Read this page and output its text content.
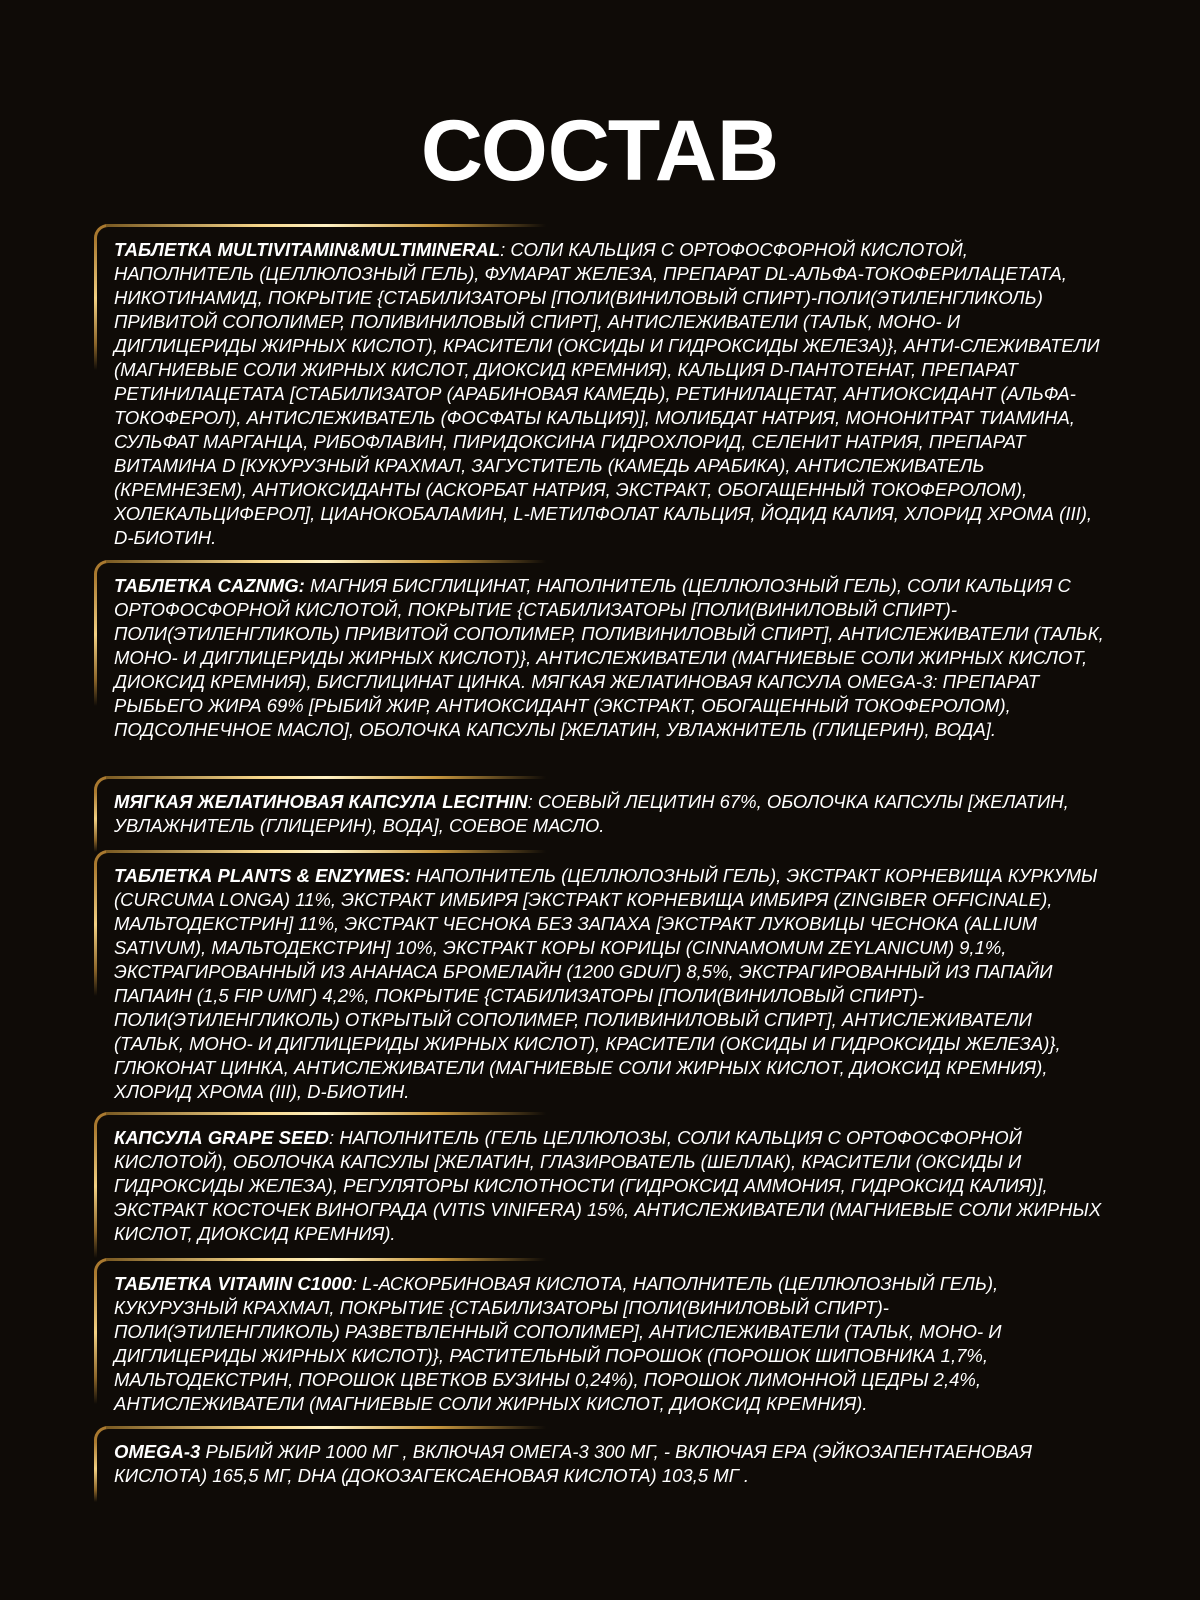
СОСТАВ

ТАБЛЕТКА MULTIVITAMIN&MULTIMINERAL: СОЛИ КАЛЬЦИЯ С ОРТОФОСФОРНОЙ КИСЛОТОЙ, НАПОЛНИТЕЛЬ (ЦЕЛЛЮЛОЗНЫЙ ГЕЛЬ), ФУМАРАТ ЖЕЛЕЗА, ПРЕПАРАТ DL-АЛЬФА-ТОКОФЕРИЛАЦЕТАТА, НИКОТИНАМИД, ПОКРЫТИЕ {СТАБИЛИЗАТОРЫ [ПОЛИ(ВИНИЛОВЫЙ СПИРТ)-ПОЛИ(ЭТИЛЕНГЛИКОЛЬ) ПРИВИТОЙ СОПОЛИМЕР, ПОЛИВИНИЛОВЫЙ СПИРТ], АНТИСЛЕЖИВАТЕЛИ (ТАЛЬК, МОНО- И ДИГЛИЦЕРИДЫ ЖИРНЫХ КИСЛОТ), КРАСИТЕЛИ (ОКСИДЫ И ГИДРОКСИДЫ ЖЕЛЕЗА)}, АНТИ-СЛЕЖИВАТЕЛИ (МАГНИЕВЫЕ СОЛИ ЖИРНЫХ КИСЛОТ, ДИОКСИД КРЕМНИЯ), КАЛЬЦИЯ D-ПАНТОТЕНАТ, ПРЕПАРАТ РЕТИНИЛАЦЕТАТА [СТАБИЛИЗАТОР (АРАБИНОВАЯ КАМЕДЬ), РЕТИНИЛАЦЕТАТ, АНТИОКСИДАНТ (АЛЬФА-ТОКОФЕРОЛ), АНТИСЛЕЖИВАТЕЛЬ (ФОСФАТЫ КАЛЬЦИЯ)], МОЛИБДАТ НАТРИЯ, МОНОНИТРАТ ТИАМИНА, СУЛЬФАТ МАРГАНЦА, РИБОФЛАВИН, ПИРИДОКСИНА ГИДРОХЛОРИД, СЕЛЕНИТ НАТРИЯ, ПРЕПАРАТ ВИТАМИНА D [КУКУРУЗНЫЙ КРАХМАЛ, ЗАГУСТИТЕЛЬ (КАМЕДЬ АРАБИКА), АНТИСЛЕЖИВАТЕЛЬ (КРЕМНЕЗЕМ), АНТИОКСИДАНТЫ (АСКОРБАТ НАТРИЯ, ЭКСТРАКТ, ОБОГАЩЕННЫЙ ТОКОФЕРОЛОМ), ХОЛЕКАЛЬЦИФЕРОЛ], ЦИАНОКОБАЛАМИН, L-МЕТИЛФОЛАТ КАЛЬЦИЯ, ЙОДИД КАЛИЯ, ХЛОРИД ХРОМА (III), D-БИОТИН.

ТАБЛЕТКА CAZNMG: МАГНИЯ БИСГЛИЦИНАТ, НАПОЛНИТЕЛЬ (ЦЕЛЛЮЛОЗНЫЙ ГЕЛЬ), СОЛИ КАЛЬЦИЯ С ОРТОФОСФОРНОЙ КИСЛОТОЙ, ПОКРЫТИЕ {СТАБИЛИЗАТОРЫ [ПОЛИ(ВИНИЛОВЫЙ СПИРТ)-ПОЛИ(ЭТИЛЕНГЛИКОЛЬ) ПРИВИТОЙ СОПОЛИМЕР, ПОЛИВИНИЛОВЫЙ СПИРТ], АНТИСЛЕЖИВАТЕЛИ (ТАЛЬК, МОНО- И ДИГЛИЦЕРИДЫ ЖИРНЫХ КИСЛОТ)}, АНТИСЛЕЖИВАТЕЛИ (МАГНИЕВЫЕ СОЛИ ЖИРНЫХ КИСЛОТ, ДИОКСИД КРЕМНИЯ), БИСГЛИЦИНАТ ЦИНКА. МЯГКАЯ ЖЕЛАТИНОВАЯ КАПСУЛА OMEGA-3: ПРЕПАРАТ РЫБЬЕГО ЖИРА 69% [РЫБИЙ ЖИР, АНТИОКСИДАНТ (ЭКСТРАКТ, ОБОГАЩЕННЫЙ ТОКОФЕРОЛОМ), ПОДСОЛНЕЧНОЕ МАСЛО], ОБОЛОЧКА КАПСУЛЫ [ЖЕЛАТИН, УВЛАЖНИТЕЛЬ (ГЛИЦЕРИН), ВОДА].

МЯГКАЯ ЖЕЛАТИНОВАЯ КАПСУЛА LECITHIN: СОЕВЫЙ ЛЕЦИТИН 67%, ОБОЛОЧКА КАПСУЛЫ [ЖЕЛАТИН, УВЛАЖНИТЕЛЬ (ГЛИЦЕРИН), ВОДА], СОЕВОЕ МАСЛО.

ТАБЛЕТКА PLANTS & ENZYMES: НАПОЛНИТЕЛЬ (ЦЕЛЛЮЛОЗНЫЙ ГЕЛЬ), ЭКСТРАКТ КОРНЕВИЩА КУРКУМЫ (CURCUMA LONGA) 11%, ЭКСТРАКТ ИМБИРЯ [ЭКСТРАКТ КОРНЕВИЩА ИМБИРЯ (ZINGIBER OFFICINALE), МАЛЬТОДЕКСТРИН] 11%, ЭКСТРАКТ ЧЕСНОКА БЕЗ ЗАПАХА [ЭКСТРАКТ ЛУКОВИЦЫ ЧЕСНОКА (ALLIUM SATIVUM), МАЛЬТОДЕКСТРИН] 10%, ЭКСТРАКТ КОРЫ КОРИЦЫ (CINNAMOMUM ZEYLANICUM) 9,1%, ЭКСТРАГИРОВАННЫЙ ИЗ АНАНАСА БРОМЕЛАЙН (1200 GDU/Г) 8,5%, ЭКСТРАГИРОВАННЫЙ ИЗ ПАПАЙИ ПАПАИН (1,5 FIP U/МГ) 4,2%, ПОКРЫТИЕ {СТАБИЛИЗАТОРЫ [ПОЛИ(ВИНИЛОВЫЙ СПИРТ)-ПОЛИ(ЭТИЛЕНГЛИКОЛЬ) ОТКРЫТЫЙ СОПОЛИМЕР, ПОЛИВИНИЛОВЫЙ СПИРТ], АНТИСЛЕЖИВАТЕЛИ (ТАЛЬК, МОНО- И ДИГЛИЦЕРИДЫ ЖИРНЫХ КИСЛОТ), КРАСИТЕЛИ (ОКСИДЫ И ГИДРОКСИДЫ ЖЕЛЕЗА)}, ГЛЮКОНАТ ЦИНКА, АНТИСЛЕЖИВАТЕЛИ (МАГНИЕВЫЕ СОЛИ ЖИРНЫХ КИСЛОТ, ДИОКСИД КРЕМНИЯ), ХЛОРИД ХРОМА (III), D-БИОТИН.

КАПСУЛА GRAPE SEED: НАПОЛНИТЕЛЬ (ГЕЛЬ ЦЕЛЛЮЛОЗЫ, СОЛИ КАЛЬЦИЯ С ОРТОФОСФОРНОЙ КИСЛОТОЙ), ОБОЛОЧКА КАПСУЛЫ [ЖЕЛАТИН, ГЛАЗИРОВАТЕЛЬ (ШЕЛЛАК), КРАСИТЕЛИ (ОКСИДЫ И ГИДРОКСИДЫ ЖЕЛЕЗА), РЕГУЛЯТОРЫ КИСЛОТНОСТИ (ГИДРОКСИД АММОНИЯ, ГИДРОКСИД КАЛИЯ)], ЭКСТРАКТ КОСТОЧЕК ВИНОГРАДА (VITIS VINIFERA) 15%, АНТИСЛЕЖИВАТЕЛИ (МАГНИЕВЫЕ СОЛИ ЖИРНЫХ КИСЛОТ, ДИОКСИД КРЕМНИЯ).

ТАБЛЕТКА VITAMIN C1000: L-АСКОРБИНОВАЯ КИСЛОТА, НАПОЛНИТЕЛЬ (ЦЕЛЛЮЛОЗНЫЙ ГЕЛЬ), КУКУРУЗНЫЙ КРАХМАЛ, ПОКРЫТИЕ {СТАБИЛИЗАТОРЫ [ПОЛИ(ВИНИЛОВЫЙ СПИРТ)-ПОЛИ(ЭТИЛЕНГЛИКОЛЬ) РАЗВЕТВЛЕННЫЙ СОПОЛИМЕР], АНТИСЛЕЖИВАТЕЛИ (ТАЛЬК, МОНО- И ДИГЛИЦЕРИДЫ ЖИРНЫХ КИСЛОТ)}, РАСТИТЕЛЬНЫЙ ПОРОШОК (ПОРОШОК ШИПОВНИКА 1,7%, МАЛЬТОДЕКСТРИН, ПОРОШОК ЦВЕТКОВ БУЗИНЫ 0,24%), ПОРОШОК ЛИМОННОЙ ЦЕДРЫ 2,4%, АНТИСЛЕЖИВАТЕЛИ (МАГНИЕВЫЕ СОЛИ ЖИРНЫХ КИСЛОТ, ДИОКСИД КРЕМНИЯ).

OMEGA-3 РЫБИЙ ЖИР 1000 МГ , ВКЛЮЧАЯ ОМЕГА-3 300 МГ, - ВКЛЮЧАЯ ЕРА (ЭЙКОЗАПЕНТАЕНОВАЯ КИСЛОТА) 165,5 МГ, DHA (ДОКОЗАГЕКСАЕНОВАЯ КИСЛОТА) 103,5 МГ .
